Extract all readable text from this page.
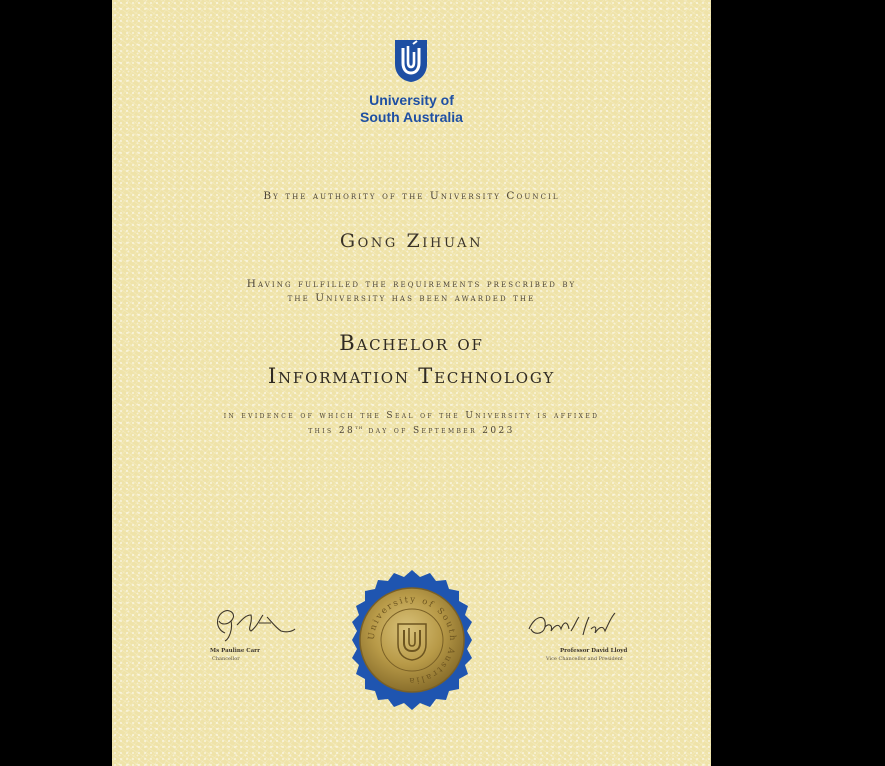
University of
South Australia
By the authority of the University Council
Gong Zihuan
Having fulfilled the requirements prescribed by
the University has been awarded the
Bachelor of
Information Technology
in evidence of which the Seal of the University is affixed
this 28th day of September 2023
Ms Pauline Carr
Chancellor
Professor David Lloyd
Vice Chancellor and President
University of South Australia
